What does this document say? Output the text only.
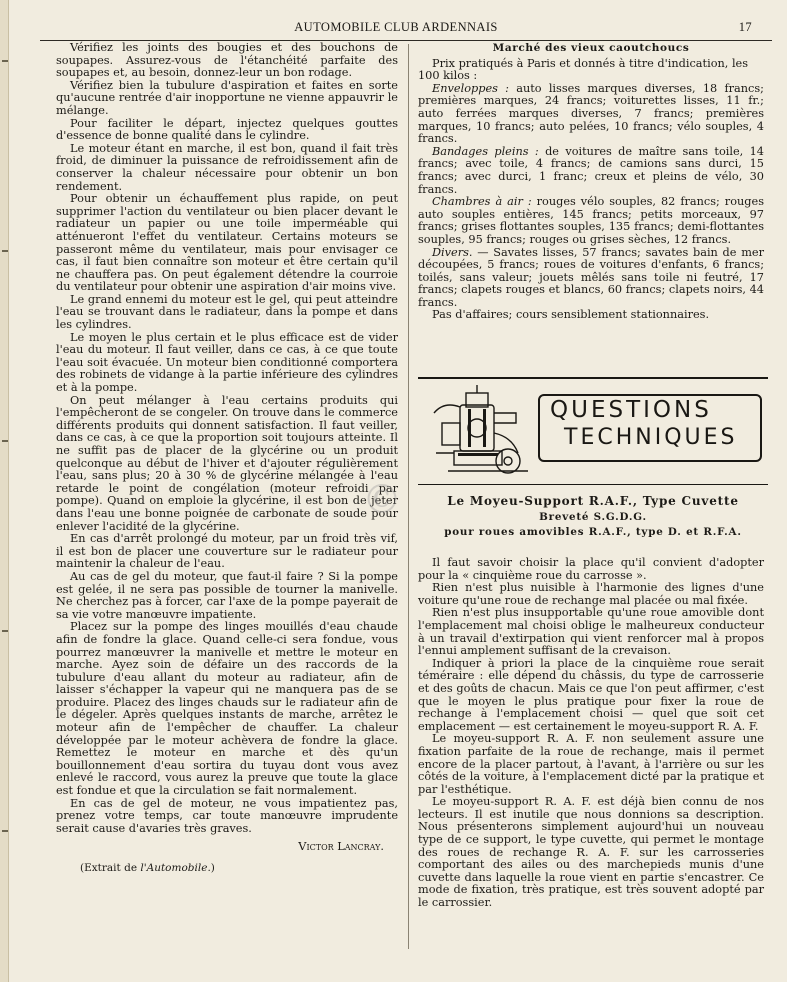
AUTOMOBILE CLUB ARDENNAIS	17

Vérifiez les joints des bougies et des bouchons de soupapes. Assurez-vous de l'étanchéité parfaite des soupapes et, au besoin, donnez-leur un bon rodage.

Vérifiez bien la tubulure d'aspiration et faites en sorte qu'aucune rentrée d'air inopportune ne vienne appauvrir le mélange.

Pour faciliter le départ, injectez quelques gouttes d'essence de bonne qualité dans le cylindre.

Le moteur étant en marche, il est bon, quand il fait très froid, de diminuer la puissance de refroidissement afin de conserver la chaleur nécessaire pour obtenir un bon rendement.

Pour obtenir un échauffement plus rapide, on peut supprimer l'action du ventilateur ou bien placer devant le radiateur un papier ou une toile imperméable qui atténueront l'effet du ventilateur. Certains moteurs se passeront même du ventilateur, mais pour envisager ce cas, il faut bien connaître son moteur et être certain qu'il ne chauffera pas. On peut également détendre la courroie du ventilateur pour obtenir une aspiration d'air moins vive.

Le grand ennemi du moteur est le gel, qui peut atteindre l'eau se trouvant dans le radiateur, dans la pompe et dans les cylindres.

Le moyen le plus certain et le plus efficace est de vider l'eau du moteur. Il faut veiller, dans ce cas, à ce que toute l'eau soit évacuée. Un moteur bien conditionné comportera des robinets de vidange à la partie inférieure des cylindres et à la pompe.

On peut mélanger à l'eau certains produits qui l'empêcheront de se congeler. On trouve dans le commerce différents produits qui donnent satisfaction. Il faut veiller, dans ce cas, à ce que la proportion soit toujours atteinte. Il ne suffit pas de placer de la glycérine ou un produit quelconque au début de l'hiver et d'ajouter régulièrement l'eau, sans plus; 20 à 30 % de glycérine mélangée à l'eau retarde le point de congélation (moteur refroidi par pompe). Quand on emploie la glycérine, il est bon de jeter dans l'eau une bonne poignée de carbonate de soude pour enlever l'acidité de la glycérine.

En cas d'arrêt prolongé du moteur, par un froid très vif, il est bon de placer une couverture sur le radiateur pour maintenir la chaleur de l'eau.

Au cas de gel du moteur, que faut-il faire ? Si la pompe est gelée, il ne sera pas possible de tourner la manivelle. Ne cherchez pas à forcer, car l'axe de la pompe payerait de sa vie votre manœuvre impatiente.

Placez sur la pompe des linges mouillés d'eau chaude afin de fondre la glace. Quand celle-ci sera fondue, vous pourrez manœuvrer la manivelle et mettre le moteur en marche. Ayez soin de défaire un des raccords de la tubulure d'eau allant du moteur au radiateur, afin de laisser s'échapper la vapeur qui ne manquera pas de se produire. Placez des linges chauds sur le radiateur afin de le dégeler. Après quelques instants de marche, arrêtez le moteur afin de l'empêcher de chauffer. La chaleur développée par le moteur achèvera de fondre la glace. Remettez le moteur en marche et dès qu'un bouillonnement d'eau sortira du tuyau dont vous avez enlevé le raccord, vous aurez la preuve que toute la glace est fondue et que la circulation se fait normalement.

En cas de gel de moteur, ne vous impatientez pas, prenez votre temps, car toute manœuvre imprudente serait cause d'avaries très graves.

Victor Lancray.

(Extrait de l'Automobile.)

Marché des vieux caoutchoucs

Prix pratiqués à Paris et donnés à titre d'indication, les 100 kilos :

Enveloppes : auto lisses marques diverses, 18 francs; premières marques, 24 francs; voiturettes lisses, 11 fr.; auto ferrées marques diverses, 7 francs; premières marques, 10 francs; auto pelées, 10 francs; vélo souples, 4 francs.

Bandages pleins : de voitures de maître sans toile, 14 francs; avec toile, 4 francs; de camions sans durci, 15 francs; avec durci, 1 franc; creux et pleins de vélo, 30 francs.

Chambres à air : rouges vélo souples, 82 francs; rouges auto souples entières, 145 francs; petits morceaux, 97 francs; grises flottantes souples, 135 francs; demi-flottantes souples, 95 francs; rouges ou grises sèches, 12 francs.

Divers. — Savates lisses, 57 francs; savates bain de mer découpées, 5 francs; roues de voitures d'enfants, 6 francs; toilés, sans valeur; jouets mêlés sans toile ni feutré, 17 francs; clapets rouges et blancs, 60 francs; clapets noirs, 44 francs.

Pas d'affaires; cours sensiblement stationnaires.

QUESTIONS
TECHNIQUES
©	Le Moyeu-Support R.A.F., Type Cuvette
Breveté S.G.D.G.
pour roues amovibles R.A.F., type D. et R.F.A.

Il faut savoir choisir la place qu'il convient d'adopter pour la « cinquième roue du carrosse ».

Rien n'est plus nuisible à l'harmonie des lignes d'une voiture qu'une roue de rechange mal placée ou mal fixée.

Rien n'est plus insupportable qu'une roue amovible dont l'emplacement mal choisi oblige le malheureux conducteur à un travail d'extirpation qui vient renforcer mal à propos l'ennui amplement suffisant de la crevaison.

Indiquer à priori la place de la cinquième roue serait téméraire : elle dépend du châssis, du type de carrosserie et des goûts de chacun. Mais ce que l'on peut affirmer, c'est que le moyen le plus pratique pour fixer la roue de rechange à l'emplacement choisi — quel que soit cet emplacement — est certainement le moyeu-support R. A. F.

Le moyeu-support R. A. F. non seulement assure une fixation parfaite de la roue de rechange, mais il permet encore de la placer partout, à l'avant, à l'arrière ou sur les côtés de la voiture, à l'emplacement dicté par la pratique et par l'esthétique.

Le moyeu-support R. A. F. est déjà bien connu de nos lecteurs. Il est inutile que nous donnions sa description. Nous présenterons simplement aujourd'hui un nouveau type de ce support, le type cuvette, qui permet le montage des roues de rechange R. A. F. sur les carrosseries comportant des ailes ou des marchepieds munis d'une cuvette dans laquelle la roue vient en partie s'encastrer. Ce mode de fixation, très pratique, est très souvent adopté par le carrossier.
